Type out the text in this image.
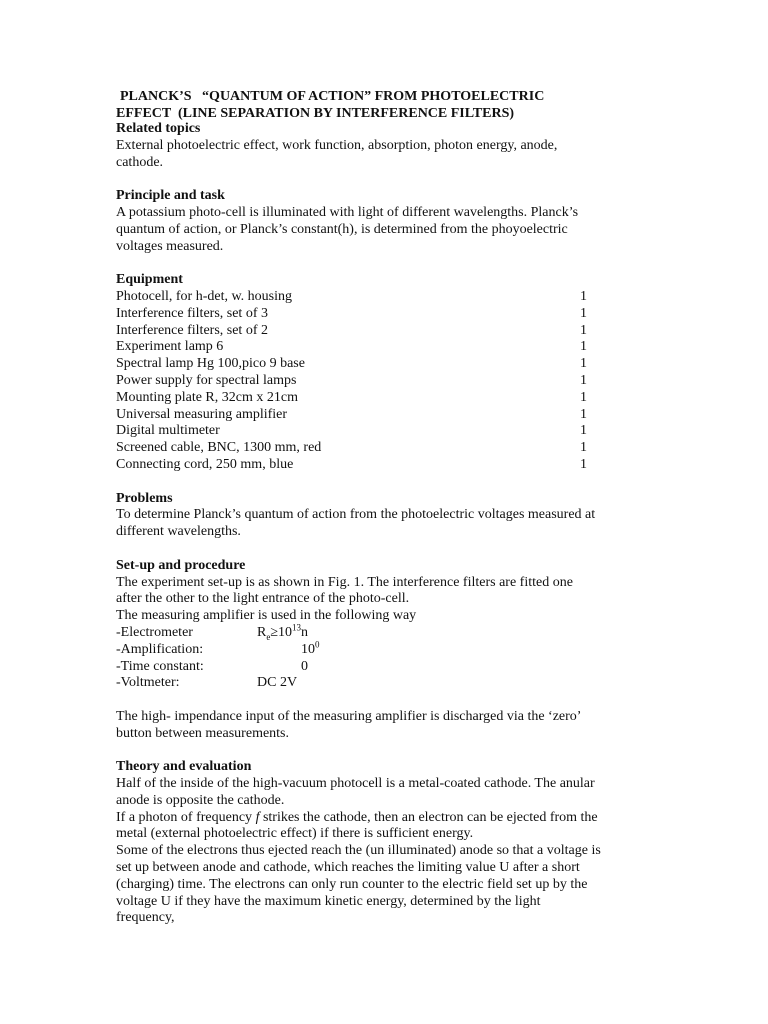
PLANCK’S   “QUANTUM OF ACTION” FROM PHOTOELECTRIC
EFFECT  (LINE SEPARATION BY INTERFERENCE FILTERS)
Related topics
External photoelectric effect, work function, absorption, photon energy, anode,
cathode.
Principle and task
A potassium photo-cell is illuminated with light of different wavelengths. Planck’s
quantum of action, or Planck’s constant(h), is determined from the phoyoelectric
voltages measured.
Equipment
Photocell, for h-det, w. housing	1
Interference filters, set of 3	1
Interference filters, set of 2	1
Experiment lamp 6	1
Spectral lamp Hg 100,pico 9 base	1
Power supply for spectral lamps	1
Mounting plate R, 32cm x 21cm	1
Universal measuring amplifier	1
Digital multimeter	1
Screened cable, BNC, 1300 mm, red	1
Connecting cord, 250 mm, blue	1
Problems
To determine Planck’s quantum of action from the photoelectric voltages measured at
different wavelengths.
Set-up and procedure
The experiment set-up is as shown in Fig. 1. The interference filters are fitted one
after the other to the light entrance of the photo-cell.
The measuring amplifier is used in the following way
-Electrometer	$R_e\ge 10^{13}n$
-Amplification:	$10^0$
-Time constant:	0
-Voltmeter:	DC 2V
The high- impendance input of the measuring amplifier is discharged via the ‘zero’
button between measurements.
Theory and evaluation
Half of the inside of the high-vacuum photocell is a metal-coated cathode. The anular
anode is opposite the cathode.
If a photon of frequency f strikes the cathode, then an electron can be ejected from the
metal (external photoelectric effect) if there is sufficient energy.
Some of the electrons thus ejected reach the (un illuminated) anode so that a voltage is
set up between anode and cathode, which reaches the limiting value U after a short
(charging) time. The electrons can only run counter to the electric field set up by the
voltage U if they have the maximum kinetic energy, determined by the light
frequency,
